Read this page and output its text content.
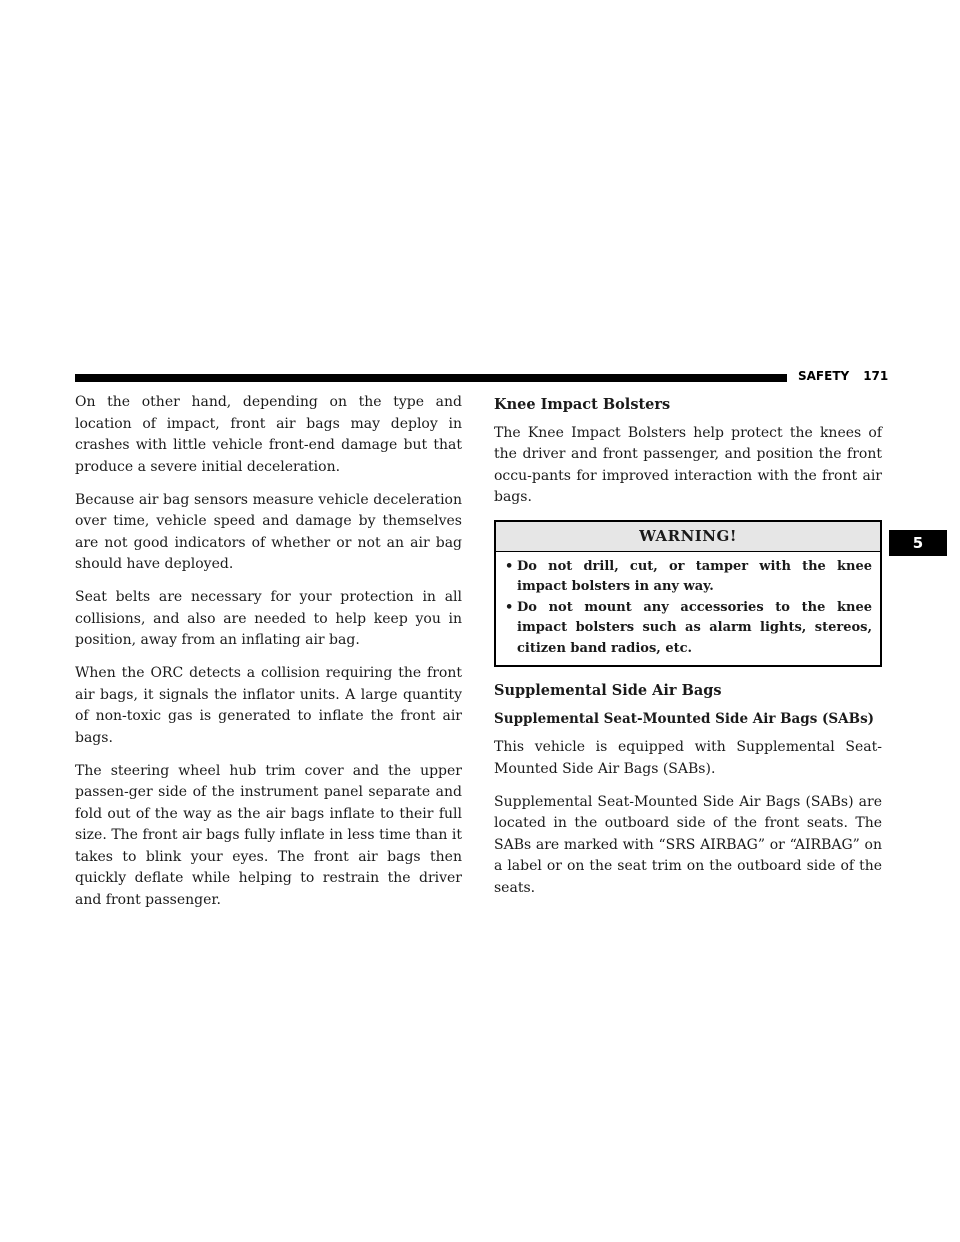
SAFETY 171
5

On the other hand, depending on the type and location of impact, front air bags may deploy in crashes with little vehicle front-end damage but that produce a severe initial deceleration.

Because air bag sensors measure vehicle deceleration over time, vehicle speed and damage by themselves are not good indicators of whether or not an air bag should have deployed.

Seat belts are necessary for your protection in all collisions, and also are needed to help keep you in position, away from an inflating air bag.

When the ORC detects a collision requiring the front air bags, it signals the inflator units. A large quantity of non-toxic gas is generated to inflate the front air bags.

The steering wheel hub trim cover and the upper passen-ger side of the instrument panel separate and fold out of the way as the air bags inflate to their full size. The front air bags fully inflate in less time than it takes to blink your eyes. The front air bags then quickly deflate while helping to restrain the driver and front passenger.

Knee Impact Bolsters

The Knee Impact Bolsters help protect the knees of the driver and front passenger, and position the front occu-pants for improved interaction with the front air bags.

WARNING!
• Do not drill, cut, or tamper with the knee impact bolsters in any way.
• Do not mount any accessories to the knee impact bolsters such as alarm lights, stereos, citizen band radios, etc.
Supplemental Side Air Bags
Supplemental Seat-Mounted Side Air Bags (SABs)

This vehicle is equipped with Supplemental Seat-Mounted Side Air Bags (SABs).

Supplemental Seat-Mounted Side Air Bags (SABs) are located in the outboard side of the front seats. The SABs are marked with “SRS AIRBAG” or “AIRBAG” on a label or on the seat trim on the outboard side of the seats.
